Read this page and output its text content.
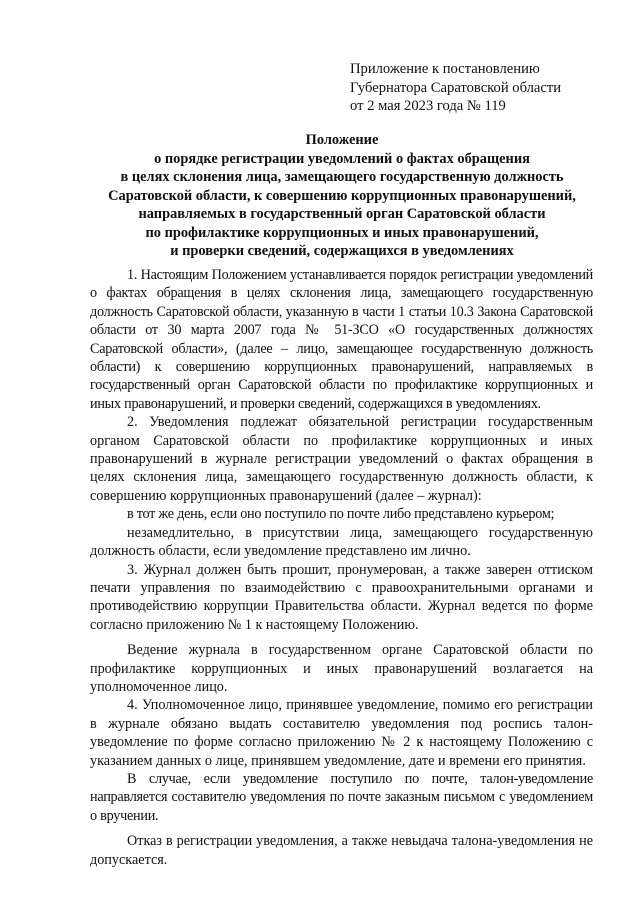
Приложение к постановлению
Губернатора Саратовской области
от 2 мая 2023 года № 119
Положение
о порядке регистрации уведомлений о фактах обращения
в целях склонения лица, замещающего государственную должность
Саратовской области, к совершению коррупционных правонарушений,
направляемых в государственный орган Саратовской области
по профилактике коррупционных и иных правонарушений,
и проверки сведений, содержащихся в уведомлениях

1. Настоящим Положением устанавливается порядок регистрации уведомлений о фактах обращения в целях склонения лица, замещающего государственную должность Саратовской области, указанную в части 1 статьи 10.3 Закона Саратовской области от 30 марта 2007 года № 51-ЗСО «О государственных должностях Саратовской области», (далее – лицо, замещающее государственную должность области) к совершению коррупционных правонарушений, направляемых в государственный орган Саратовской области по профилактике коррупционных и иных правонарушений, и проверки сведений, содержащихся в уведомлениях.

2. Уведомления подлежат обязательной регистрации государственным органом Саратовской области по профилактике коррупционных и иных правонарушений в журнале регистрации уведомлений о фактах обращения в целях склонения лица, замещающего государственную должность области, к совершению коррупционных правонарушений (далее – журнал):

в тот же день, если оно поступило по почте либо представлено курьером;

незамедлительно, в присутствии лица, замещающего государственную должность области, если уведомление представлено им лично.

3. Журнал должен быть прошит, пронумерован, а также заверен оттиском печати управления по взаимодействию с правоохранительными органами и противодействию коррупции Правительства области. Журнал ведется по форме согласно приложению № 1 к настоящему Положению.

Ведение журнала в государственном органе Саратовской области по профилактике коррупционных и иных правонарушений возлагается на уполномоченное лицо.

4. Уполномоченное лицо, принявшее уведомление, помимо его регистрации в журнале обязано выдать составителю уведомления под роспись талон-уведомление по форме согласно приложению № 2 к настоящему Положению с указанием данных о лице, принявшем уведомление, дате и времени его принятия.

В случае, если уведомление поступило по почте, талон-уведомление направляется составителю уведомления по почте заказным письмом с уведомлением о вручении.

Отказ в регистрации уведомления, а также невыдача талона-уведомления не допускается.
